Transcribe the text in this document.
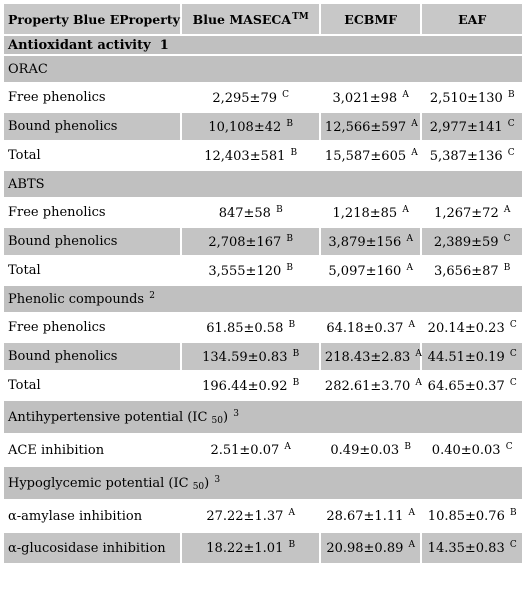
Property Blue EProperty	Blue MASECA™	ECBMF	EAF
Antioxidant activity 1			
ORAC			
Free phenolics	2,295±79 $^C$	3,021±98 $^A$	2,510±130 $^B$
Bound phenolics	10,108±42 $^B$	12,566±597 $^A$	2,977±141 $^C$
Total	12,403±581 $^B$	15,587±605 $^A$	5,387±136 $^C$
ABTS			
Free phenolics	847±58 $^B$	1,218±85 $^A$	1,267±72 $^A$
Bound phenolics	2,708±167 $^B$	3,879±156 $^A$	2,389±59 $^C$
Total	3,555±120 $^B$	5,097±160 $^A$	3,656±87 $^B$
Phenolic compounds $^2$
Free phenolics	61.85±0.58 $^B$	64.18±0.37 $^A$	20.14±0.23 $^C$
Bound phenolics	134.59±0.83 $^B$	218.43±2.83 $^A$	44.51±0.19 $^C$
Total	196.44±0.92 $^B$	282.61±3.70 $^A$	64.65±0.37 $^C$
Antihypertensive potential (IC $_{50}$) $^3$
ACE inhibition	2.51±0.07 $^A$	0.49±0.03 $^B$	0.40±0.03 $^C$
Hypoglycemic potential (IC $_{50}$) $^3$
α-amylase inhibition	27.22±1.37 $^A$	28.67±1.11 $^A$	10.85±0.76 $^B$
α-glucosidase inhibition	18.22±1.01 $^B$	20.98±0.89 $^A$	14.35±0.83 $^C$
